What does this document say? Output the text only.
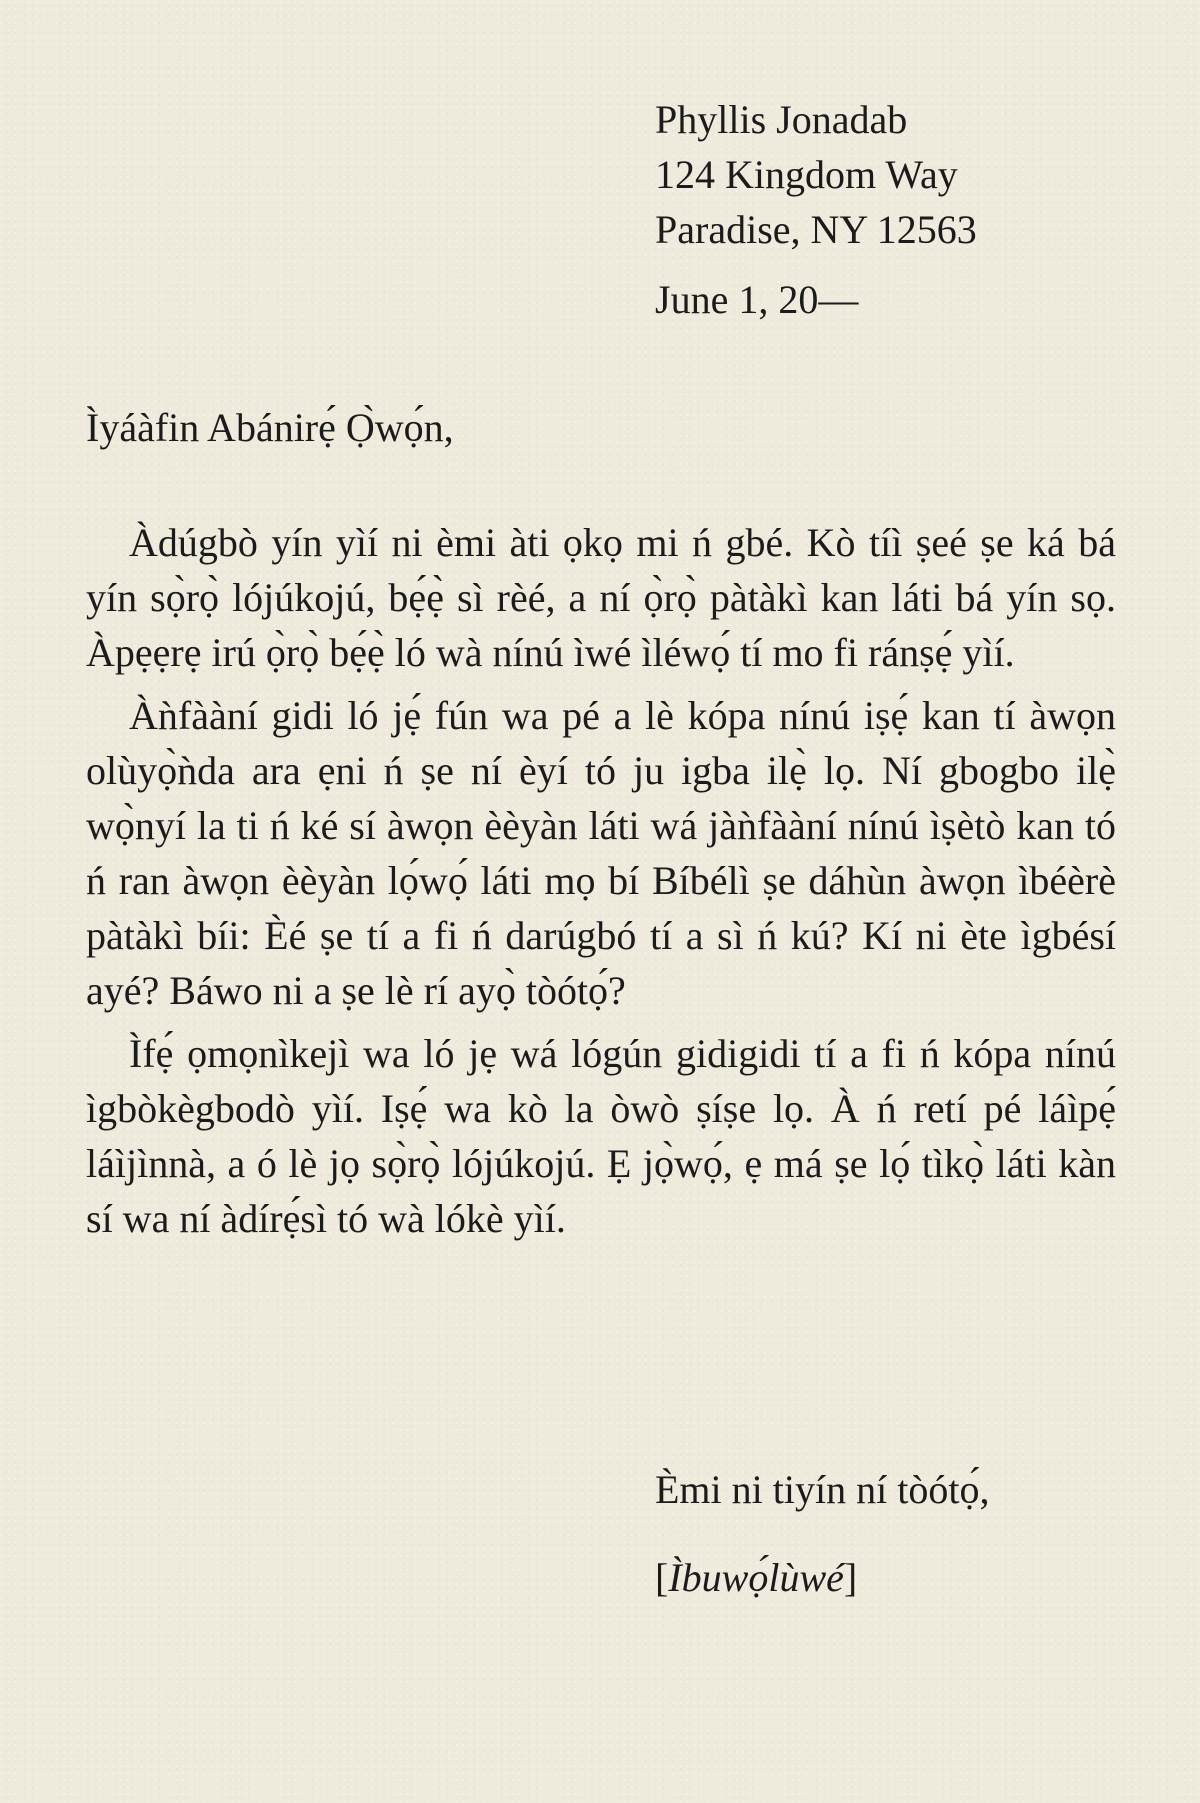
Phyllis Jonadab
124 Kingdom Way
Paradise, NY 12563
June 1, 20—
Ìyáàfin Abánirẹ́ Ọ̀wọ́n,

Àdúgbò yín yìí ni èmi àti ọkọ mi ń gbé. Kò tíì ṣeé ṣe ká bá yín sọ̀rọ̀ lójúkojú, bẹ́ẹ̀ sì rèé, a ní ọ̀rọ̀ pàtàkì kan láti bá yín sọ. Àpẹẹrẹ irú ọ̀rọ̀ bẹ́ẹ̀ ló wà nínú ìwé ìléwọ́ tí mo fi ránṣẹ́ yìí.

Àǹfààní gidi ló jẹ́ fún wa pé a lè kópa nínú iṣẹ́ kan tí àwọn olùyọ̀ǹda ara ẹni ń ṣe ní èyí tó ju igba ilẹ̀ lọ. Ní gbogbo ilẹ̀ wọ̀nyí la ti ń ké sí àwọn èèyàn láti wá jàǹfààní nínú ìṣètò kan tó ń ran àwọn èèyàn lọ́wọ́ láti mọ bí Bíbélì ṣe dáhùn àwọn ìbéèrè pàtàkì bíi: Èé ṣe tí a fi ń darúgbó tí a sì ń kú? Kí ni ète ìgbésí ayé? Báwo ni a ṣe lè rí ayọ̀ tòótọ́?

Ìfẹ́ ọmọnìkejì wa ló jẹ wá lógún gidigidi tí a fi ń kópa nínú ìgbòkègbodò yìí. Iṣẹ́ wa kò la òwò ṣíṣe lọ. À ń retí pé láìpẹ́ láìjìnnà, a ó lè jọ sọ̀rọ̀ lójúkojú. Ẹ jọ̀wọ́, ẹ má ṣe lọ́ tìkọ̀ láti kàn sí wa ní àdírẹ́sì tó wà lókè yìí.

Èmi ni tiyín ní tòótọ́,
[Ìbuwọ́lùwé]
